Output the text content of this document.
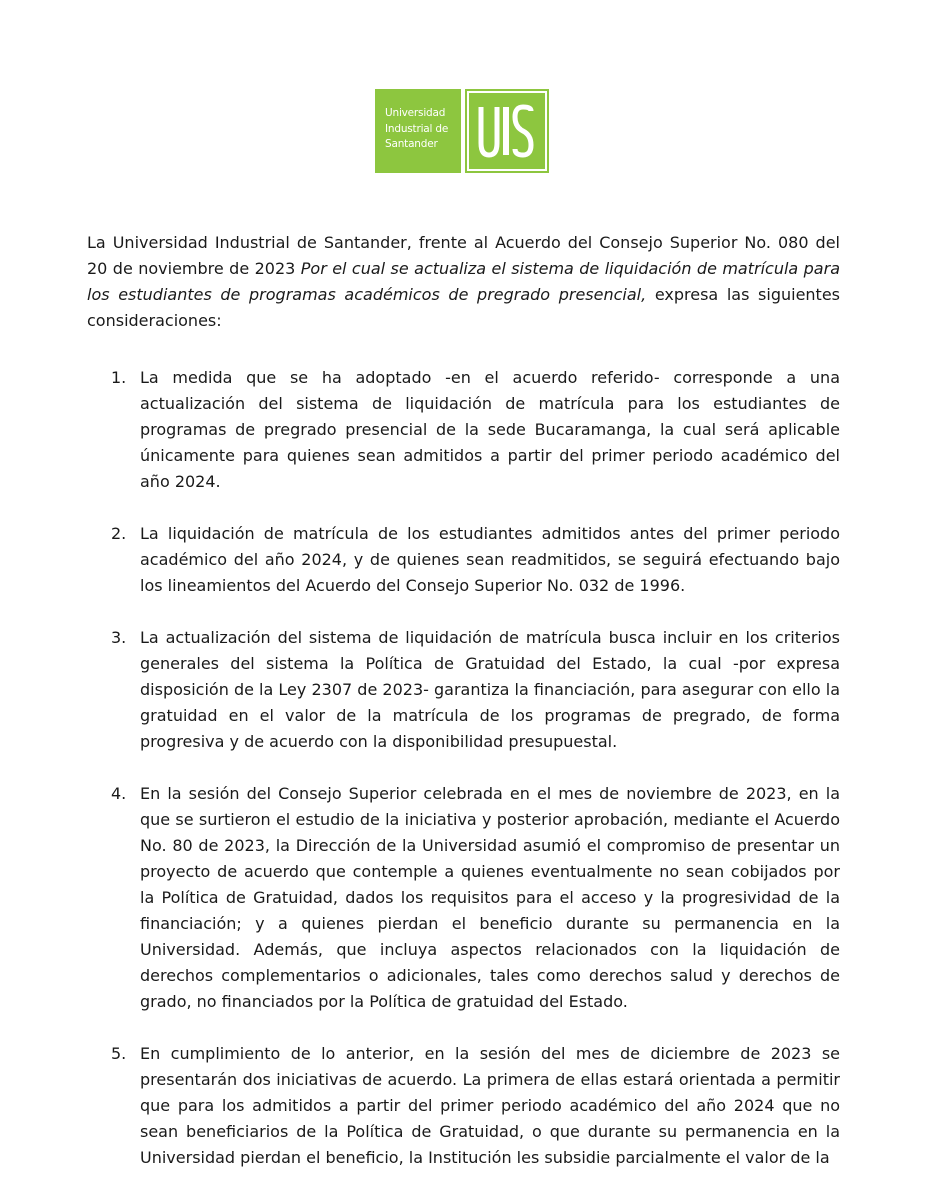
Universidad
Industrial de
Santander

La Universidad Industrial de Santander, frente al Acuerdo del Consejo Superior No. 080 del 20 de noviembre de 2023 Por el cual se actualiza el sistema de liquidación de matrícula para los estudiantes de programas académicos de pregrado presencial, expresa las siguientes consideraciones:

1. La medida que se ha adoptado -en el acuerdo referido- corresponde a una actualización del sistema de liquidación de matrícula para los estudiantes de programas de pregrado presencial de la sede Bucaramanga, la cual será aplicable únicamente para quienes sean admitidos a partir del primer periodo académico del año 2024.
2. La liquidación de matrícula de los estudiantes admitidos antes del primer periodo académico del año 2024, y de quienes sean readmitidos, se seguirá efectuando bajo los lineamientos del Acuerdo del Consejo Superior No. 032 de 1996.
3. La actualización del sistema de liquidación de matrícula busca incluir en los criterios generales del sistema la Política de Gratuidad del Estado, la cual -por expresa disposición de la Ley 2307 de 2023- garantiza la financiación, para asegurar con ello la gratuidad en el valor de la matrícula de los programas de pregrado, de forma progresiva y de acuerdo con la disponibilidad presupuestal.
4. En la sesión del Consejo Superior celebrada en el mes de noviembre de 2023, en la que se surtieron el estudio de la iniciativa y posterior aprobación, mediante el Acuerdo No. 80 de 2023, la Dirección de la Universidad asumió el compromiso de presentar un proyecto de acuerdo que contemple a quienes eventualmente no sean cobijados por la Política de Gratuidad, dados los requisitos para el acceso y la progresividad de la financiación; y a quienes pierdan el beneficio durante su permanencia en la Universidad. Además, que incluya aspectos relacionados con la liquidación de derechos complementarios o adicionales, tales como derechos salud y derechos de grado, no financiados por la Política de gratuidad del Estado.
5. En cumplimiento de lo anterior, en la sesión del mes de diciembre de 2023 se presentarán dos iniciativas de acuerdo. La primera de ellas estará orientada a permitir que para los admitidos a partir del primer periodo académico del año 2024 que no sean beneficiarios de la Política de Gratuidad, o que durante su permanencia en la Universidad pierdan el beneficio, la Institución les subsidie parcialmente el valor de la
